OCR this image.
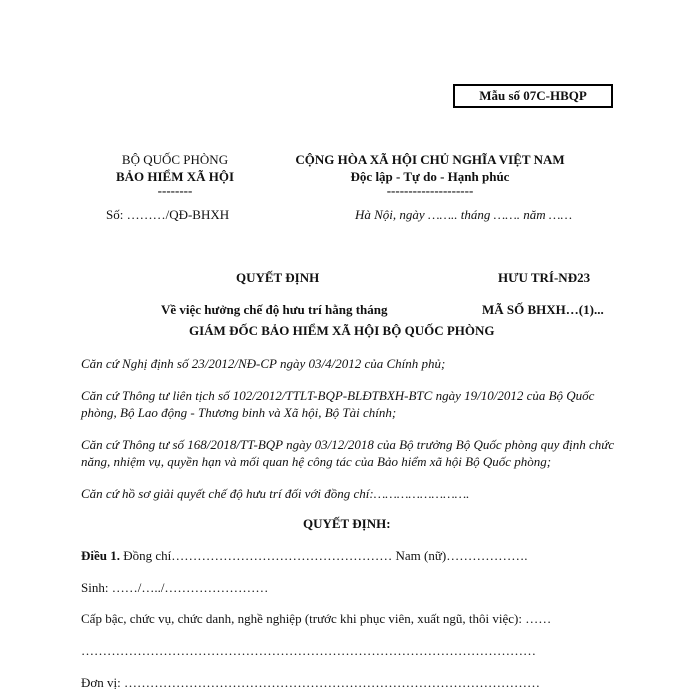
Mẫu số 07C-HBQP
BỘ QUỐC PHÒNG
BẢO HIỂM XÃ HỘI
--------
Số: ………/QĐ-BHXH
CỘNG HÒA XÃ HỘI CHỦ NGHĨA VIỆT NAM
Độc lập - Tự do - Hạnh phúc
--------------------
Hà Nội, ngày …….. tháng ……. năm ……
QUYẾT ĐỊNH	HƯU TRÍ-NĐ23
Về việc hưởng chế độ hưu trí hằng tháng	MÃ SỐ BHXH…(1)...
GIÁM ĐỐC BẢO HIỂM XÃ HỘI BỘ QUỐC PHÒNG
Căn cứ Nghị định số 23/2012/NĐ-CP ngày 03/4/2012 của Chính phủ;
Căn cứ Thông tư liên tịch số 102/2012/TTLT-BQP-BLĐTBXH-BTC ngày 19/10/2012 của Bộ Quốc phòng, Bộ Lao động - Thương binh và Xã hội, Bộ Tài chính;
Căn cứ Thông tư số 168/2018/TT-BQP ngày 03/12/2018 của Bộ trưởng Bộ Quốc phòng quy định chức năng, nhiệm vụ, quyền hạn và mối quan hệ công tác của Bảo hiểm xã hội Bộ Quốc phòng;
Căn cứ hồ sơ giải quyết chế độ hưu trí đối với đồng chí:…………………….
QUYẾT ĐỊNH:
Điều 1. Đồng chí…………………………………………… Nam (nữ)……………….
Sinh: ……/…../……………………
Cấp bậc, chức vụ, chức danh, nghề nghiệp (trước khi phục viên, xuất ngũ, thôi việc): ……
……………………………………………………………………………………………
Đơn vị: ……………………………………………………………………………………
